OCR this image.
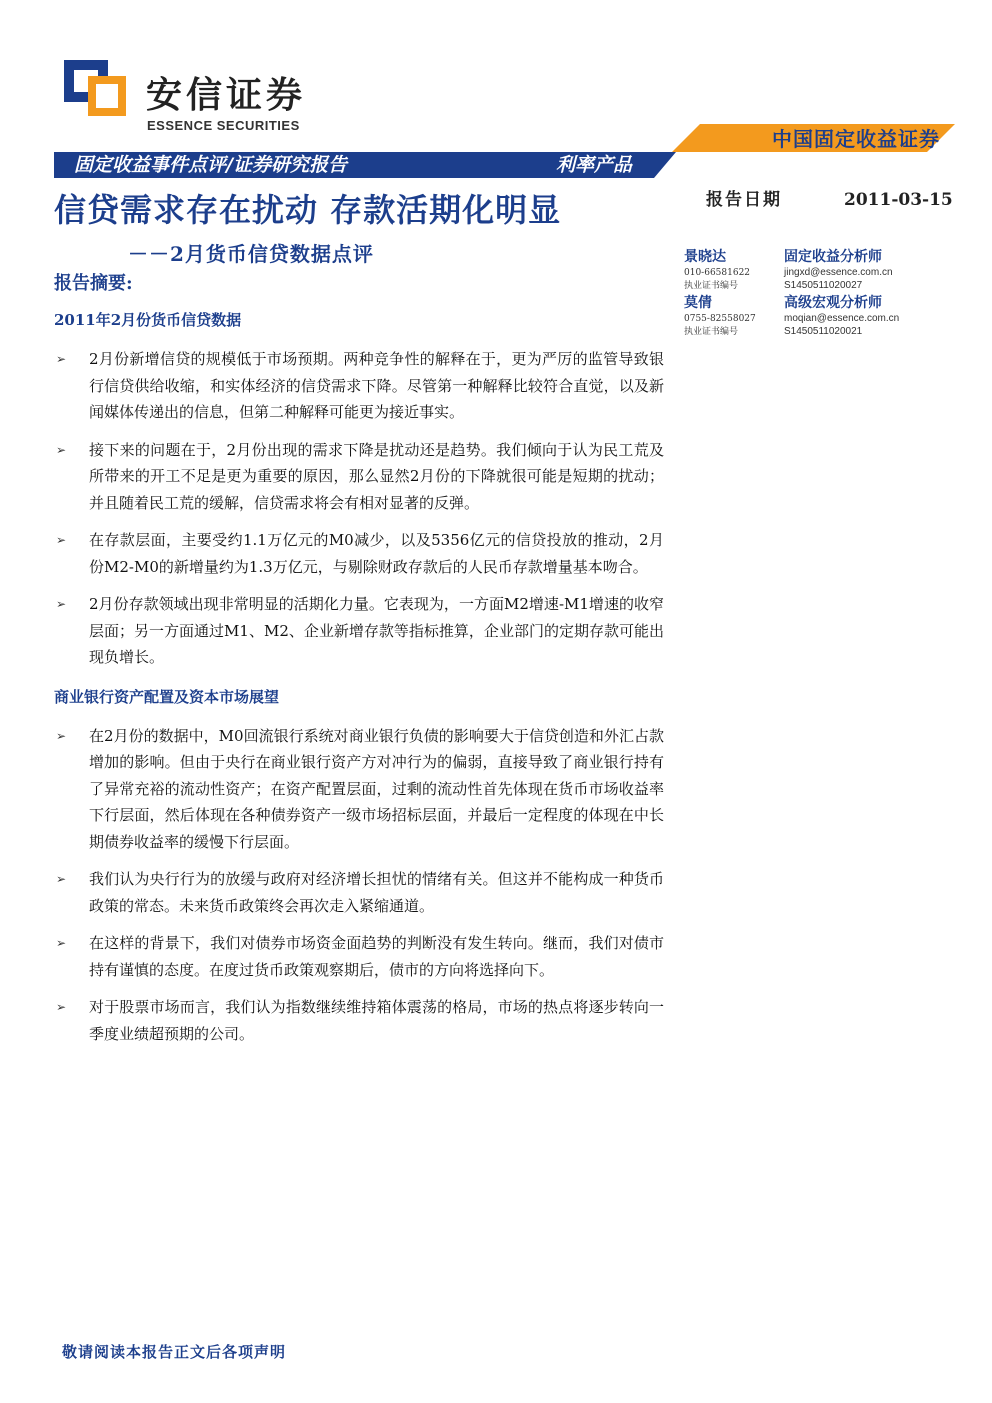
安信证券
ESSENCE SECURITIES
中国固定收益证券
固定收益事件点评/证券研究报告	利率产品
信贷需求存在扰动 存款活期化明显
－－2月货币信贷数据点评
报告摘要:
报告日期	2011-03-15
景晓达	固定收益分析师
010-66581622	jingxd@essence.com.cn
执业证书编号	S1450511020027
莫倩	高级宏观分析师
0755-82558027	moqian@essence.com.cn
执业证书编号	S1450511020021
2011年2月份货币信贷数据
➢ 2月份新增信贷的规模低于市场预期。两种竞争性的解释在于，更为严厉的监管导致银行信贷供给收缩，和实体经济的信贷需求下降。尽管第一种解释比较符合直觉，以及新闻媒体传递出的信息，但第二种解释可能更为接近事实。
➢ 接下来的问题在于，2月份出现的需求下降是扰动还是趋势。我们倾向于认为民工荒及所带来的开工不足是更为重要的原因，那么显然2月份的下降就很可能是短期的扰动；并且随着民工荒的缓解，信贷需求将会有相对显著的反弹。
➢ 在存款层面，主要受约1.1万亿元的M0减少，以及5356亿元的信贷投放的推动，2月份M2-M0的新增量约为1.3万亿元，与剔除财政存款后的人民币存款增量基本吻合。
➢ 2月份存款领域出现非常明显的活期化力量。它表现为，一方面M2增速-M1增速的收窄层面；另一方面通过M1、M2、企业新增存款等指标推算，企业部门的定期存款可能出现负增长。
商业银行资产配置及资本市场展望
➢ 在2月份的数据中，M0回流银行系统对商业银行负债的影响要大于信贷创造和外汇占款增加的影响。但由于央行在商业银行资产方对冲行为的偏弱，直接导致了商业银行持有了异常充裕的流动性资产；在资产配置层面，过剩的流动性首先体现在货币市场收益率下行层面，然后体现在各种债券资产一级市场招标层面，并最后一定程度的体现在中长期债券收益率的缓慢下行层面。
➢ 我们认为央行行为的放缓与政府对经济增长担忧的情绪有关。但这并不能构成一种货币政策的常态。未来货币政策终会再次走入紧缩通道。
➢ 在这样的背景下，我们对债券市场资金面趋势的判断没有发生转向。继而，我们对债市持有谨慎的态度。在度过货币政策观察期后，债市的方向将选择向下。
➢ 对于股票市场而言，我们认为指数继续维持箱体震荡的格局，市场的热点将逐步转向一季度业绩超预期的公司。
敬请阅读本报告正文后各项声明
